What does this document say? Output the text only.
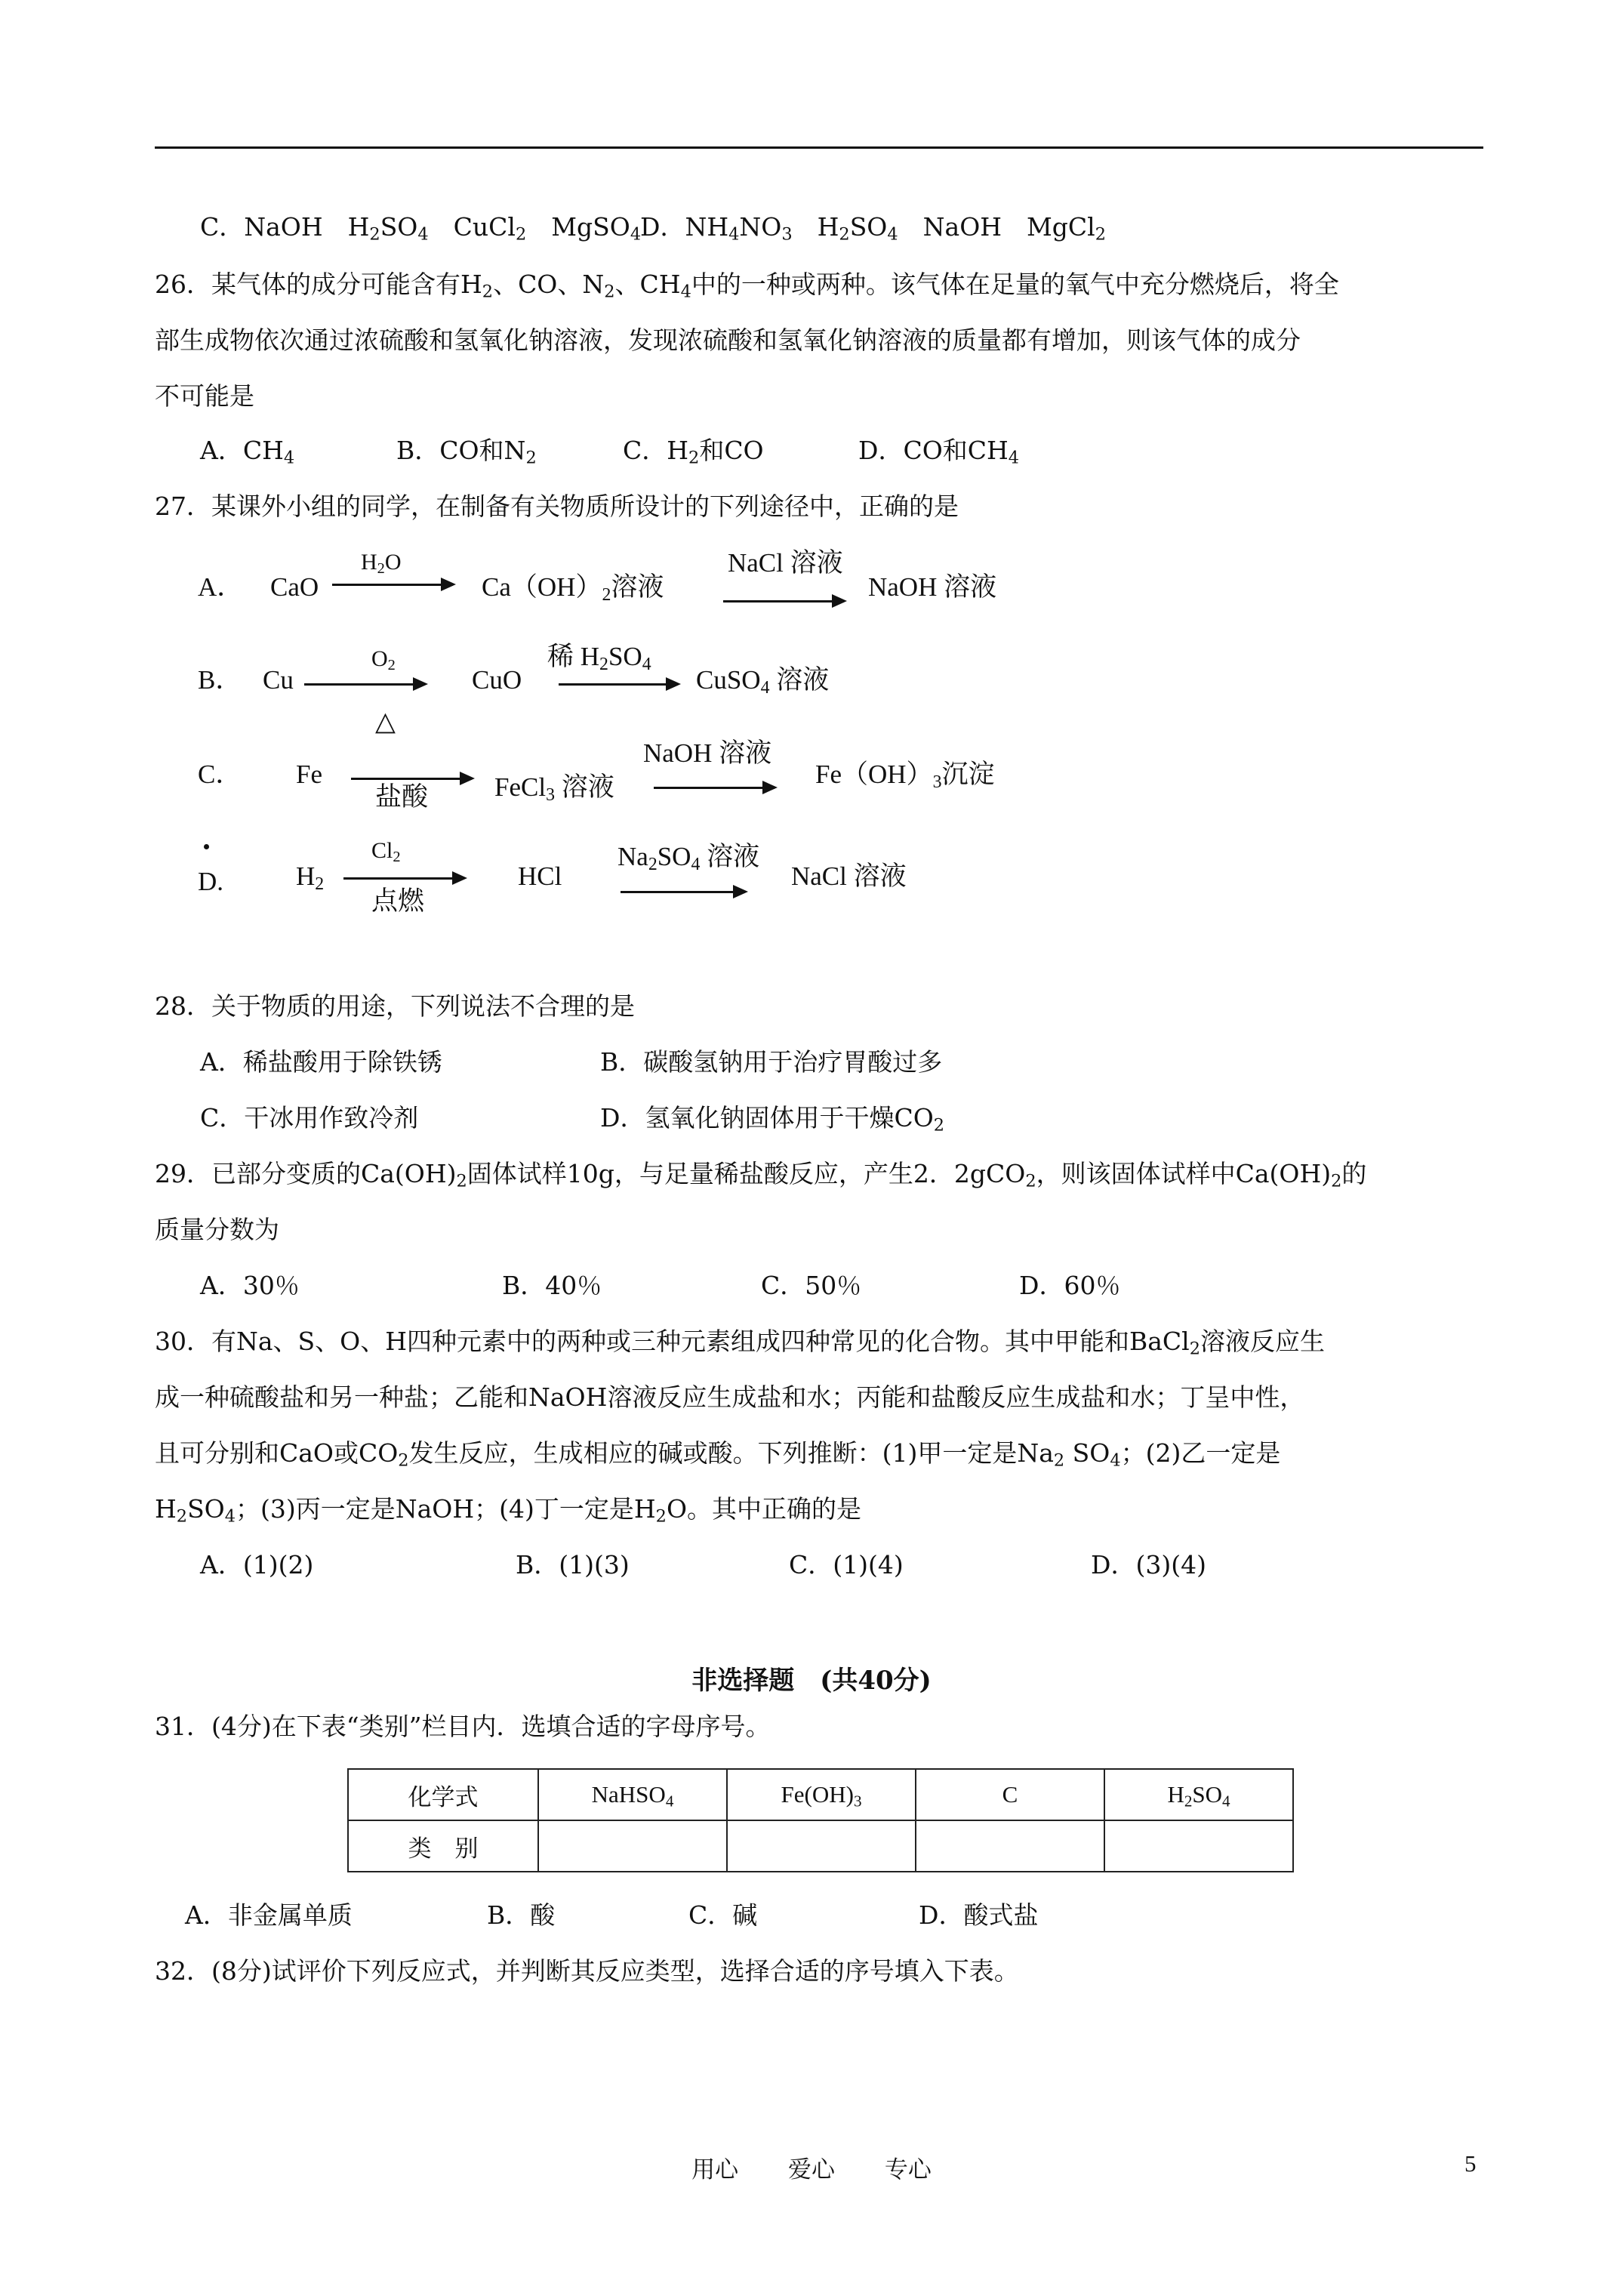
C．NaOH　$H_2SO_4$　CuCl$_2$　MgSO$_4$
D．$NH_4NO_3$　$H_2SO_4$　NaOH　MgCl$_2$
26．某气体的成分可能含有$H_2$、CO、$N_2$、$CH_4$中的一种或两种。该气体在足量的氧气中充分燃烧后，将全
部生成物依次通过浓硫酸和氢氧化钠溶液，发现浓硫酸和氢氧化钠溶液的质量都有增加，则该气体的成分
不可能是
A．$CH_4$	B．CO和$N_2$	C．$H_2$和CO	D．CO和$CH_4$
27．某课外小组的同学，在制备有关物质所设计的下列途径中，正确的是
A． CaO
$H_2O$
$Ca(OH)_2$溶液
NaCl 溶液
NaOH 溶液
B． Cu
$O_2$
△
CuO
稀 $H_2SO_4$
CuSO$_4$ 溶液
C． Fe
盐酸	FeCl$_3$ 溶液
NaOH 溶液
$Fe(OH)_3$沉淀
D.	$H_2$
$Cl_2$
点燃
HCl
$Na_2SO_4$ 溶液
NaCl 溶液
28．关于物质的用途，下列说法不合理的是
A．稀盐酸用于除铁锈	B．碳酸氢钠用于治疗胃酸过多
C．干冰用作致冷剂	D．氢氧化钠固体用于干燥$CO_2$
29．已部分变质的$Ca(OH)_2$固体试样10g，与足量稀盐酸反应，产生2．2gCO$_2$，则该固体试样中$Ca(OH)_2$的
质量分数为
A．30％	B．40％	C．50％	D．60％
30．有Na、S、O、H四种元素中的两种或三种元素组成四种常见的化合物。其中甲能和BaCl$_2$溶液反应生
成一种硫酸盐和另一种盐；乙能和NaOH溶液反应生成盐和水；丙能和盐酸反应生成盐和水；丁呈中性，
且可分别和CaO或$CO_2$发生反应，生成相应的碱或酸。下列推断：(1)甲一定是$Na_2$ $SO_4$；(2)乙一定是
$H_2SO_4$；(3)丙一定是NaOH；(4)丁一定是$H_2O$。其中正确的是
A．(1)(2)	B．(1)(3)	C．(1)(4)	D．(3)(4)
非选择题　(共40分)
31．(4分)在下表“类别”栏目内．选填合适的字母序号。
化学式	NaHSO$_4$	$Fe(OH)_3$	C	$H_2SO_4$
类　别				
A．非金属单质	B．酸	C．碱	D．酸式盐
32．(8分)试评价下列反应式，并判断其反应类型，选择合适的序号填入下表。
用心 爱心 专心	5
